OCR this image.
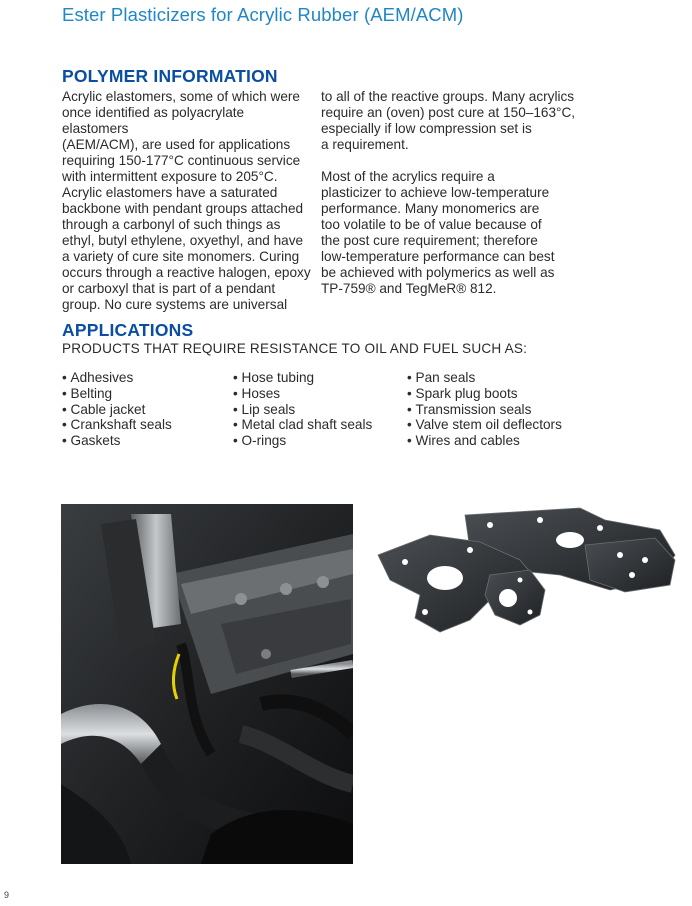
Ester Plasticizers for Acrylic Rubber (AEM/ACM)
POLYMER INFORMATION

Acrylic elastomers, some of which were
once identified as polyacrylate elastomers
(AEM/ACM), are used for applications
requiring 150-177°C continuous service
with intermittent exposure to 205°C.
Acrylic elastomers have a saturated
backbone with pendant groups attached
through a carbonyl of such things as
ethyl, butyl ethylene, oxyethyl, and have
a variety of cure site monomers. Curing
occurs through a reactive halogen, epoxy
or carboxyl that is part of a pendant
group. No cure systems are universal

to all of the reactive groups. Many acrylics
require an (oven) post cure at 150–163°C,
especially if low compression set is
a requirement.

Most of the acrylics require a
plasticizer to achieve low-temperature
performance. Many monomerics are
too volatile to be of value because of
the post cure requirement; therefore
low-temperature performance can best
be achieved with polymerics as well as
TP-759® and TegMeR® 812.

APPLICATIONS
PRODUCTS THAT REQUIRE RESISTANCE TO OIL AND FUEL SUCH AS:
• Adhesives
• Belting
• Cable jacket
• Crankshaft seals
• Gaskets
• Hose tubing
• Hoses
• Lip seals
• Metal clad shaft seals
• O-rings
• Pan seals
• Spark plug boots
• Transmission seals
• Valve stem oil deflectors
• Wires and cables
9
